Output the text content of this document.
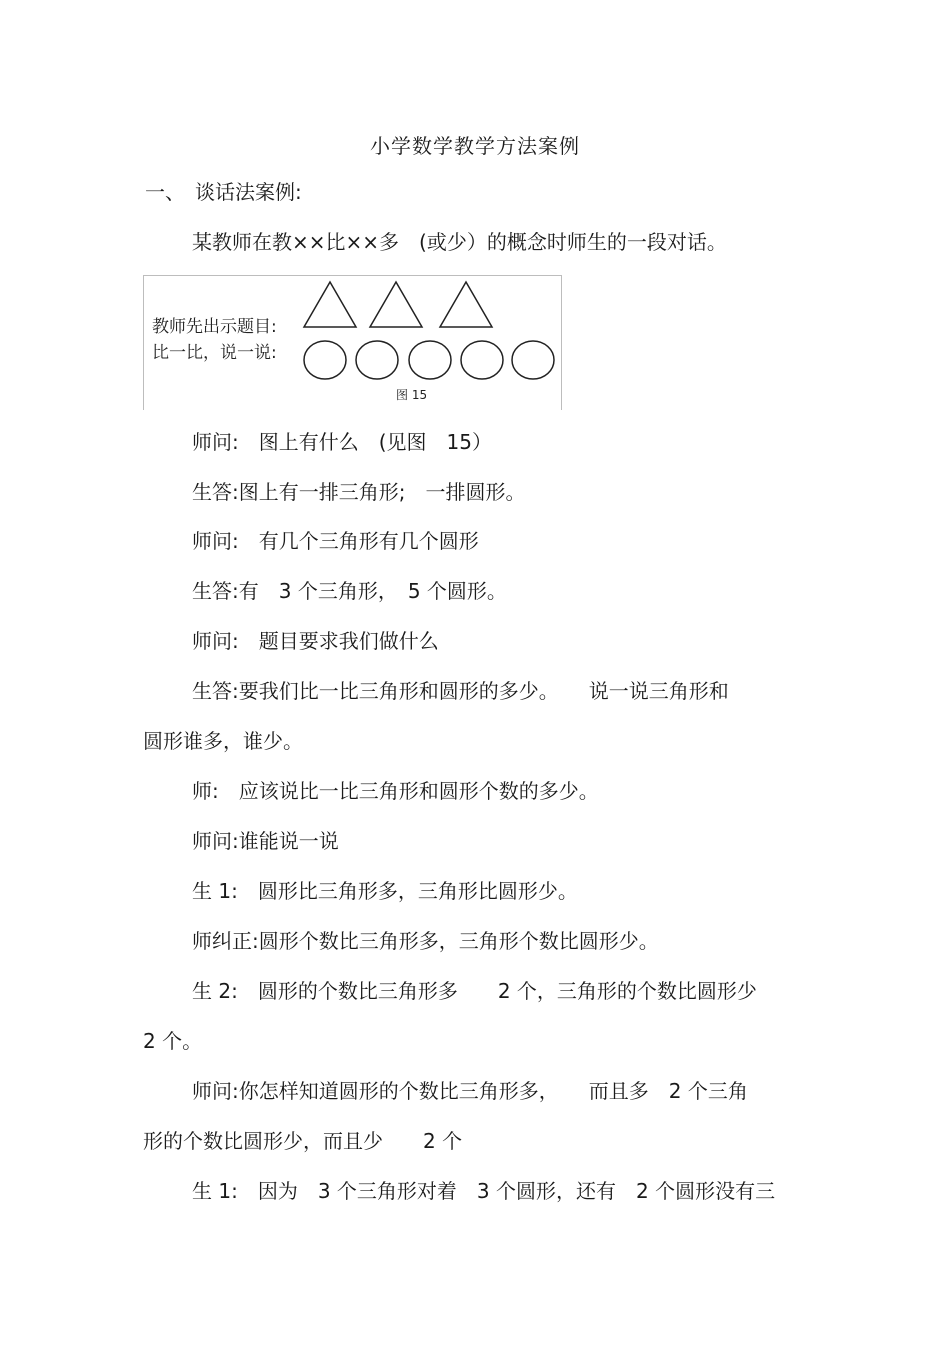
小学数学教学方法案例
一、　谈话法案例:
某教师在教××比××多　(或少）的概念时师生的一段对话。
教师先出示题目:
比一比，说一说:
图 15
师问:　图上有什么　(见图　15）
生答:图上有一排三角形;　一排圆形。
师问:　有几个三角形有几个圆形
生答:有　3 个三角形，　5 个圆形。
师问:　题目要求我们做什么
生答:要我们比一比三角形和圆形的多少。　　说一说三角形和
圆形谁多，谁少。
师:　应该说比一比三角形和圆形个数的多少。
师问:谁能说一说
生 1:　圆形比三角形多，三角形比圆形少。
师纠正:圆形个数比三角形多，三角形个数比圆形少。
生 2:　圆形的个数比三角形多　　2 个，三角形的个数比圆形少
2 个。
师问:你怎样知道圆形的个数比三角形多，　　而且多　2 个三角
形的个数比圆形少，而且少　　2 个
生 1:　因为　3 个三角形对着　3 个圆形，还有　2 个圆形没有三
